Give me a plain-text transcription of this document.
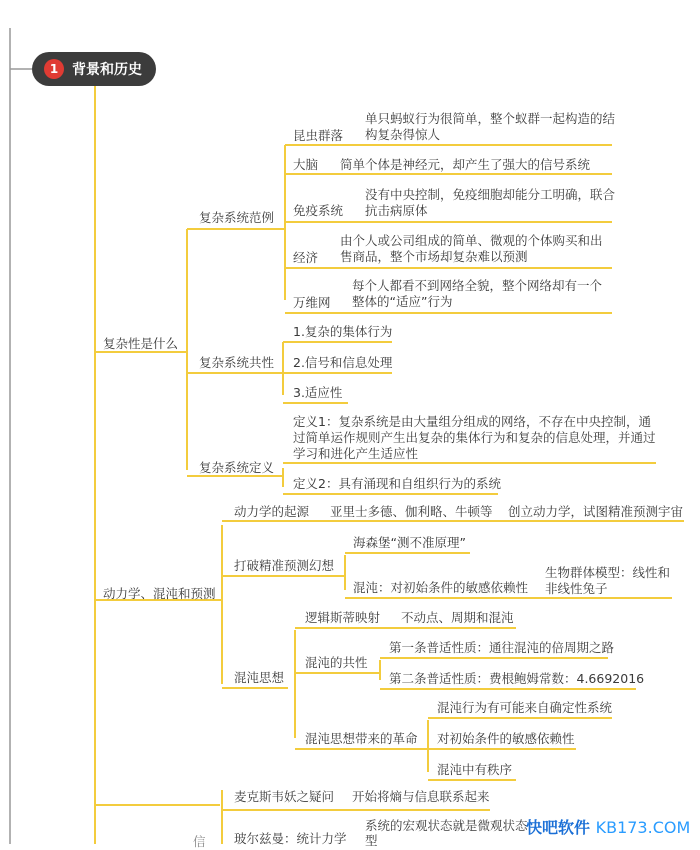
1 背景和历史
复杂性是什么
复杂系统范例
昆虫群落
单只蚂蚁行为很简单，整个蚁群一起构造的结构复杂得惊人
大脑 简单个体是神经元，却产生了强大的信号系统
免疫系统
没有中央控制，免疫细胞却能分工明确，联合抗击病原体
经济
由个人或公司组成的简单、微观的个体购买和出售商品，整个市场却复杂难以预测
万维网
每个人都看不到网络全貌，整个网络却有一个整体的“适应”行为
复杂系统共性
1.复杂的集体行为
2.信号和信息处理
3.适应性
复杂系统定义
定义1：复杂系统是由大量组分组成的网络，不存在中央控制，通过简单运作规则产生出复杂的集体行为和复杂的信息处理，并通过学习和进化产生适应性
定义2：具有涌现和自组织行为的系统
动力学、混沌和预测
动力学的起源 亚里士多德、伽利略、牛顿等 创立动力学，试图精准预测宇宙
打破精准预测幻想
海森堡“测不准原理”
混沌：对初始条件的敏感依赖性
生物群体模型：线性和非线性兔子
混沌思想
逻辑斯蒂映射 不动点、周期和混沌
混沌的共性
第一条普适性质：通往混沌的倍周期之路
第二条普适性质：费根鲍姆常数：4.6692016
混沌思想带来的革命
混沌行为有可能来自确定性系统
对初始条件的敏感依赖性
混沌中有秩序
麦克斯韦妖之疑问 开始将熵与信息联系起来
玻尔兹曼：统计力学
系统的宏观状态就是微观状态
型
信
快吧软件 KB173.COM
